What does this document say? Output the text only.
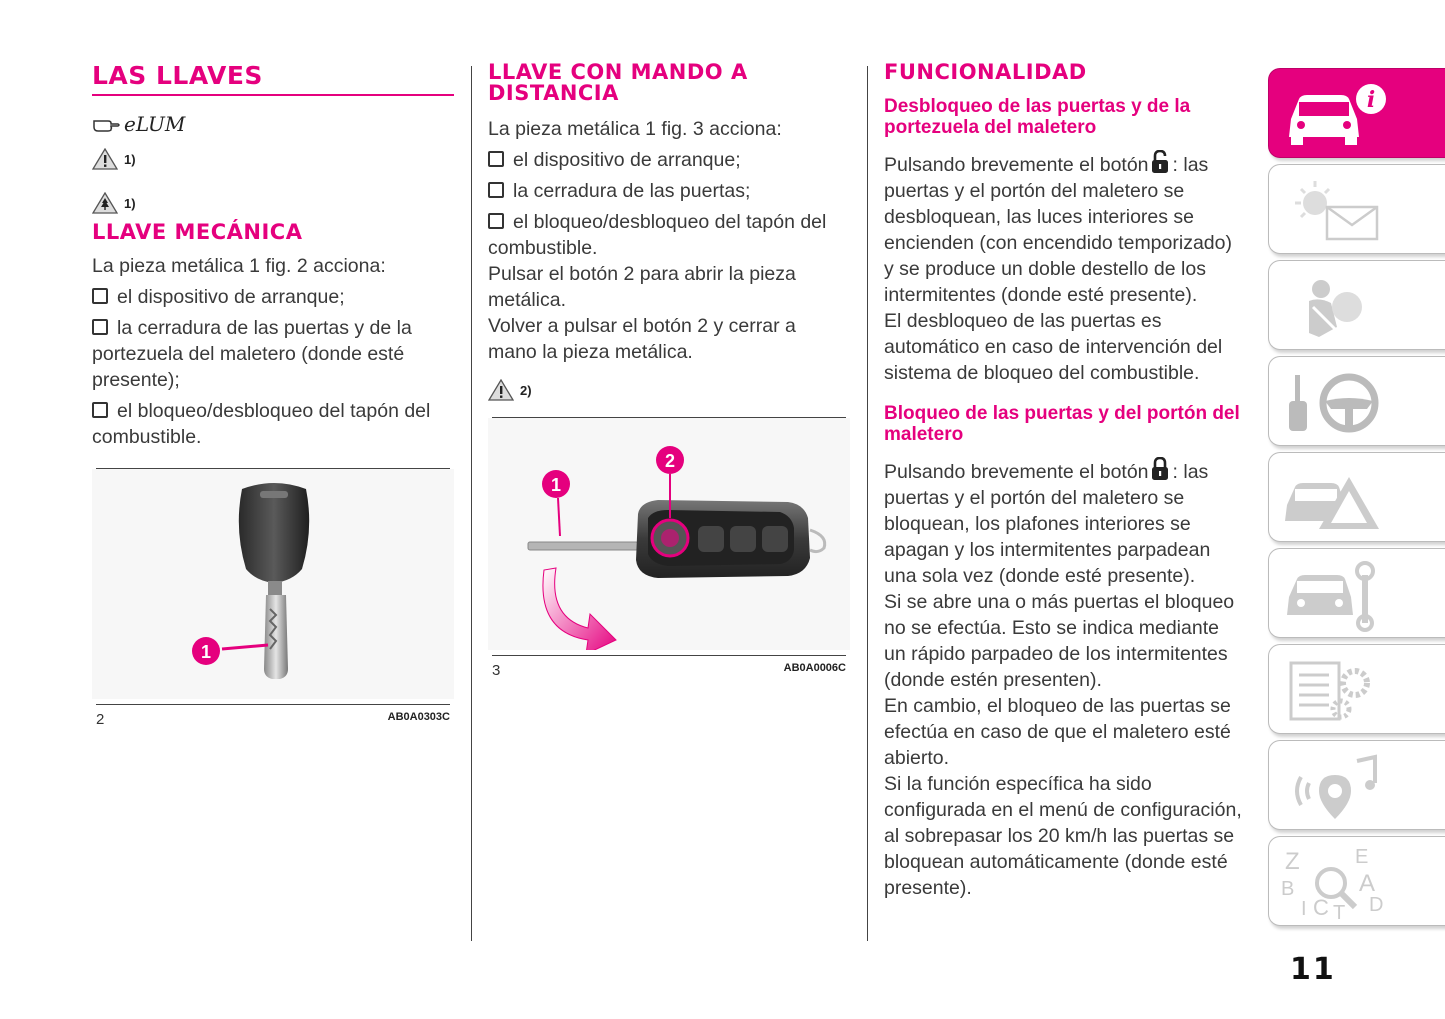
LAS LLAVES
eLUM
1)
1)
LLAVE MECÁNICA

La pieza metálica 1 fig. 2 acciona:

el dispositivo de arranque;

la cerradura de las puertas y de la portezuela del maletero (donde esté presente);

el bloqueo/desbloqueo del tapón del combustible.

1
2	AB0A0303C
LLAVE CON MANDO A DISTANCIA

La pieza metálica 1 fig. 3 acciona:

el dispositivo de arranque;

la cerradura de las puertas;

el bloqueo/desbloqueo del tapón del combustible.

Pulsar el botón 2 para abrir la pieza metálica.

Volver a pulsar el botón 2 y cerrar a mano la pieza metálica.

2)
1
2
3	AB0A0006C
FUNCIONALIDAD
Desbloqueo de las puertas y de la portezuela del maletero

Pulsando brevemente el botón : las puertas y el portón del maletero se desbloquean, las luces interiores se encienden (con encendido temporizado) y se produce un doble destello de los intermitentes (donde esté presente).

El desbloqueo de las puertas es automático en caso de intervención del sistema de bloqueo del combustible.

Bloqueo de las puertas y del portón del maletero

Pulsando brevemente el botón : las puertas y el portón del maletero se bloquean, los plafones interiores se apagan y los intermitentes parpadean una sola vez (donde esté presente).

Si se abre una o más puertas el bloqueo no se efectúa. Esto se indica mediante un rápido parpadeo de los intermitentes (donde estén presenten).

En cambio, el bloqueo de las puertas se efectúa en caso de que el maletero esté abierto.

Si la función específica ha sido configurada en el menú de configuración, al sobrepasar los 20 km/h las puertas se bloquean automáticamente (donde esté presente).

i
Z	E
A
B
C T D
I
11
